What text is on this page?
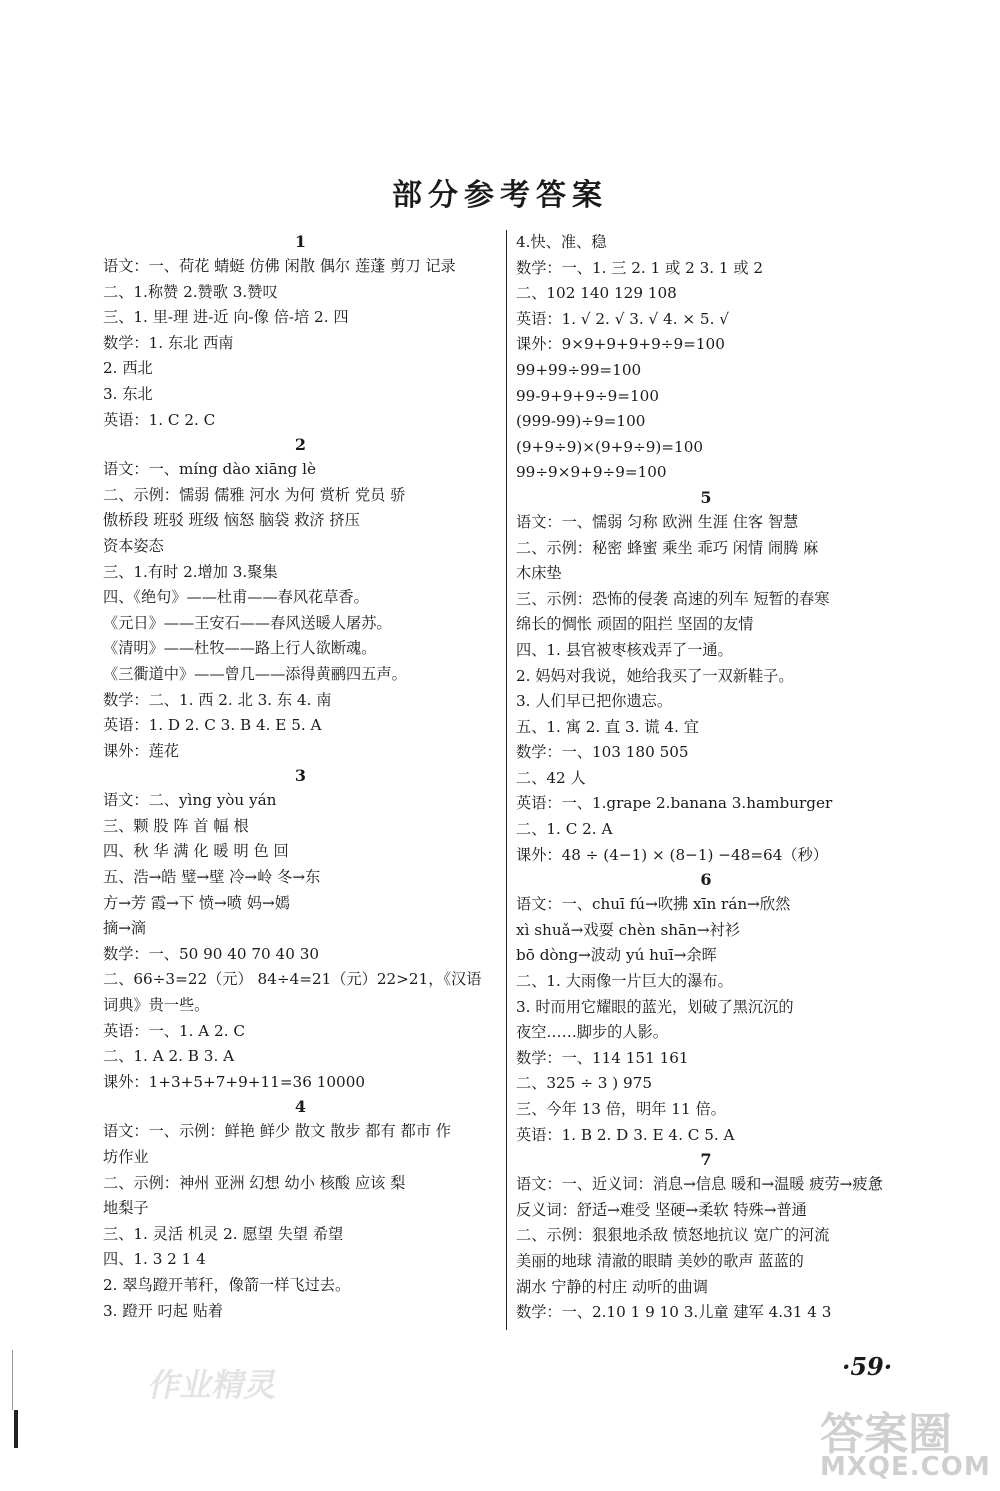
部分参考答案
1
语文：一、荷花 蜻蜓 仿佛 闲散 偶尔 莲蓬 剪刀 记录
二、1.称赞 2.赞歌 3.赞叹
三、1. 里-理 进-近 向-像 倍-培 2. 四
数学：1. 东北 西南
2. 西北
3. 东北
英语：1. C 2. C
2
语文：一、míng dào xiāng lè
二、示例：懦弱 儒雅 河水 为何 赏析 党员 骄
傲桥段 班驳 班级 恼怒 脑袋 救济 挤压
资本姿态
三、1.有时 2.增加 3.聚集
四、《绝句》——杜甫——春风花草香。
《元日》——王安石——春风送暖人屠苏。
《清明》——杜牧——路上行人欲断魂。
《三衢道中》——曾几——添得黄鹂四五声。
数学：二、1. 西 2. 北 3. 东 4. 南
英语：1. D 2. C 3. B 4. E 5. A
课外：莲花
3
语文：二、yìng yòu yán
三、颗 股 阵 首 幅 根
四、秋 华 满 化 暖 明 色 回
五、浩→皓 璧→壁 冷→岭 冬→东
方→芳 霞→下 愤→喷 妈→嫣
摘→滴
数学：一、50 90 40 70 40 30
二、66÷3=22（元） 84÷4=21（元）22>21，《汉语
词典》贵一些。
英语：一、1. A 2. C
二、1. A 2. B 3. A
课外：1+3+5+7+9+11=36 10000
4
语文：一、示例：鲜艳 鲜少 散文 散步 都有 都市 作
坊作业
二、示例：神州 亚洲 幻想 幼小 核酸 应该 梨
地梨子
三、1. 灵活 机灵 2. 愿望 失望 希望
四、1. 3 2 1 4
2. 翠鸟蹬开苇秆，像箭一样飞过去。
3. 蹬开 叼起 贴着
4.快、准、稳
数学：一、1. 三 2. 1 或 2 3. 1 或 2
二、102 140 129 108
英语：1. √ 2. √ 3. √ 4. × 5. √
课外：9×9+9+9+9÷9=100
99+99÷99=100
99-9+9+9÷9=100
(999-99)÷9=100
(9+9÷9)×(9+9÷9)=100
99÷9×9+9÷9=100
5
语文：一、懦弱 匀称 欧洲 生涯 住客 智慧
二、示例：秘密 蜂蜜 乘坐 乖巧 闲情 闹腾 麻
木床垫
三、示例：恐怖的侵袭 高速的列车 短暂的春寒
绵长的惆怅 顽固的阻拦 坚固的友情
四、1. 县官被枣核戏弄了一通。
2. 妈妈对我说，她给我买了一双新鞋子。
3. 人们早已把你遗忘。
五、1. 寓 2. 直 3. 谎 4. 宜
数学：一、103 180 505
二、42 人
英语：一、1.grape 2.banana 3.hamburger
二、1. C 2. A
课外：48 ÷ (4−1) × (8−1) −48=64（秒）
6
语文：一、chuī fú→吹拂 xīn rán→欣然
xì shuǎ→戏耍 chèn shān→衬衫
bō dòng→波动 yú huī→余晖
二、1. 大雨像一片巨大的瀑布。
3. 时而用它耀眼的蓝光，划破了黑沉沉的
夜空……脚步的人影。
数学：一、114 151 161
二、325 ÷ 3 ) 975
三、今年 13 倍，明年 11 倍。
英语：1. B 2. D 3. E 4. C 5. A
7
语文：一、近义词：消息→信息 暖和→温暖 疲劳→疲惫
反义词：舒适→难受 坚硬→柔软 特殊→普通
二、示例：狠狠地杀敌 愤怒地抗议 宽广的河流
美丽的地球 清澈的眼睛 美妙的歌声 蓝蓝的
湖水 宁静的村庄 动听的曲调
数学：一、2.10 1 9 10 3.儿童 建军 4.31 4 3
·59·
作业精灵
答案圈
MXQE.COM
